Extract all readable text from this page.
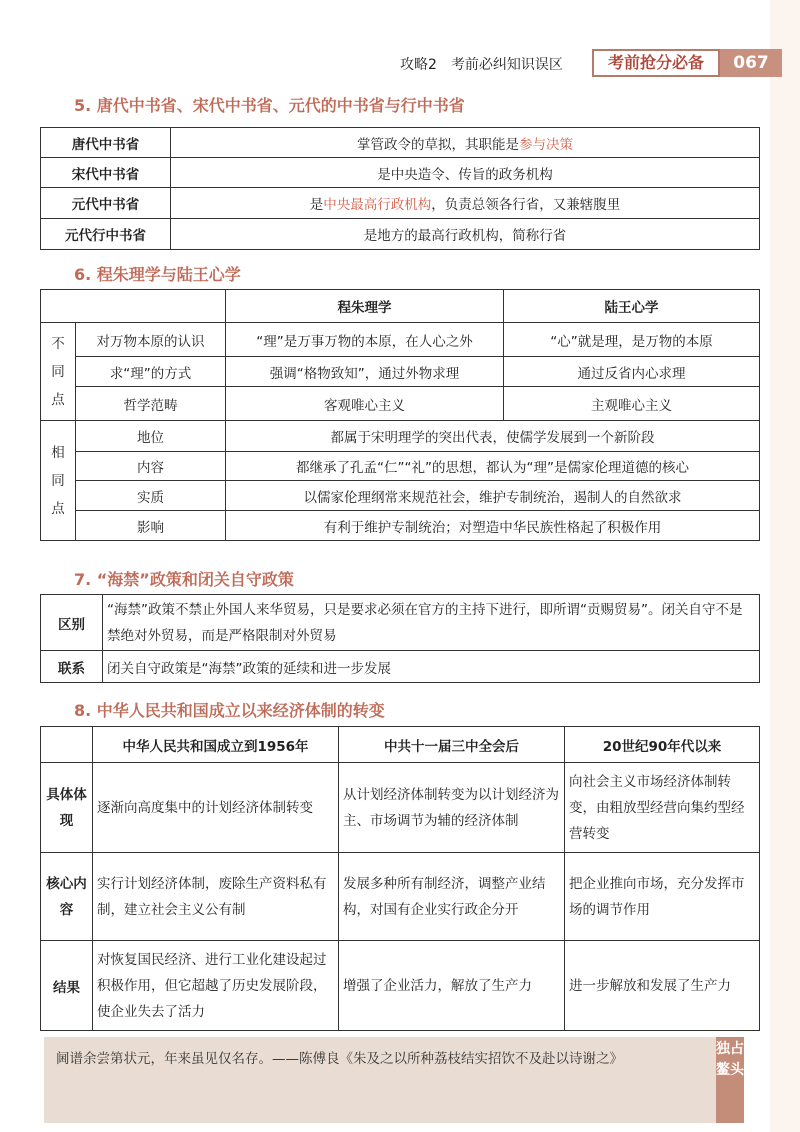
攻略2　考前必纠知识误区	考前抢分必备	067
5. 唐代中书省、宋代中书省、元代的中书省与行中书省
唐代中书省	掌管政令的草拟，其职能是参与决策
宋代中书省	是中央造令、传旨的政务机构
元代中书省	是中央最高行政机构，负责总领各行省，又兼辖腹里
元代行中书省	是地方的最高行政机构，简称行省
6. 程朱理学与陆王心学
		程朱理学	陆王心学
不同点	对万物本原的认识	“理”是万事万物的本原，在人心之外	“心”就是理，是万物的本原
	求“理”的方式	强调“格物致知”，通过外物求理	通过反省内心求理
	哲学范畴	客观唯心主义	主观唯心主义
相同点	地位	都属于宋明理学的突出代表，使儒学发展到一个新阶段	
	内容	都继承了孔孟“仁”“礼”的思想，都认为“理”是儒家伦理道德的核心	
	实质	以儒家伦理纲常来规范社会，维护专制统治，遏制人的自然欲求	
	影响	有利于维护专制统治；对塑造中华民族性格起了积极作用	
7. “海禁”政策和闭关自守政策
区别	“海禁”政策不禁止外国人来华贸易，只是要求必须在官方的主持下进行，即所谓“贡赐贸易”。闭关自守不是禁绝对外贸易，而是严格限制对外贸易
联系	闭关自守政策是“海禁”政策的延续和进一步发展
8. 中华人民共和国成立以来经济体制的转变
	中华人民共和国成立到1956年	中共十一届三中全会后	20世纪90年代以来
具体体现	逐渐向高度集中的计划经济体制转变	从计划经济体制转变为以计划经济为主、市场调节为辅的经济体制	向社会主义市场经济体制转变，由粗放型经营向集约型经营转变
核心内容	实行计划经济体制，废除生产资料私有制，建立社会主义公有制	发展多种所有制经济，调整产业结构，对国有企业实行政企分开	把企业推向市场，充分发挥市场的调节作用
结果	对恢复国民经济、进行工业化建设起过积极作用，但它超越了历史发展阶段，使企业失去了活力	增强了企业活力，解放了生产力	进一步解放和发展了生产力
阃谱余尝第状元，年来虽见仅名存。——陈傅良《朱及之以所种荔枝结实招饮不及赴以诗谢之》
独占鳌头
